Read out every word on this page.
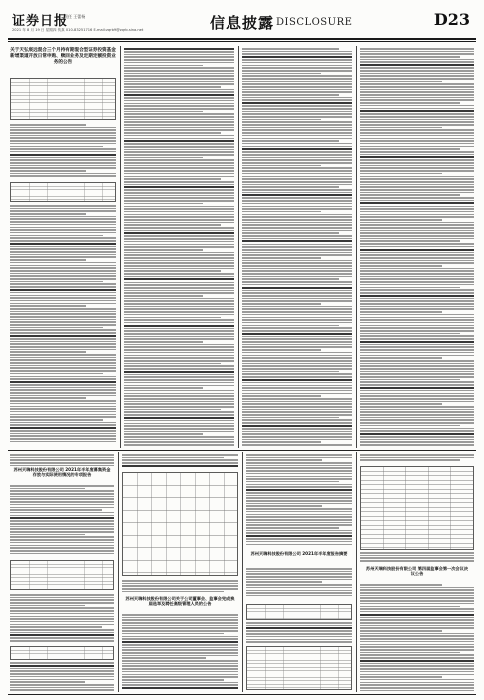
证券日报
责任 王蕾杨
2021 年 8 月 19 日 星期四 传真 010-83251716 E-mail:zqrb9@zqrb.sina.net	信息披露 DISCLOSURE	D23
关于天弘宸远混合三个月持有期混合型证券投资基金新增渠道开放日常申购、赎回业务及定期定额投资业务的公告
苏州天瑞科技股份有限公司 2021年半年度募集资金存放与实际使用情况的专项报告
苏州天瑞科技股份有限公司关于公司董事会、监事会完成换届选举及聘任高级管理人员的公告
苏州天瑞科技股份有限公司 2021年半年度报告摘要
苏州天瑞科技股份有限公司 第四届监事会第一次会议决议公告
